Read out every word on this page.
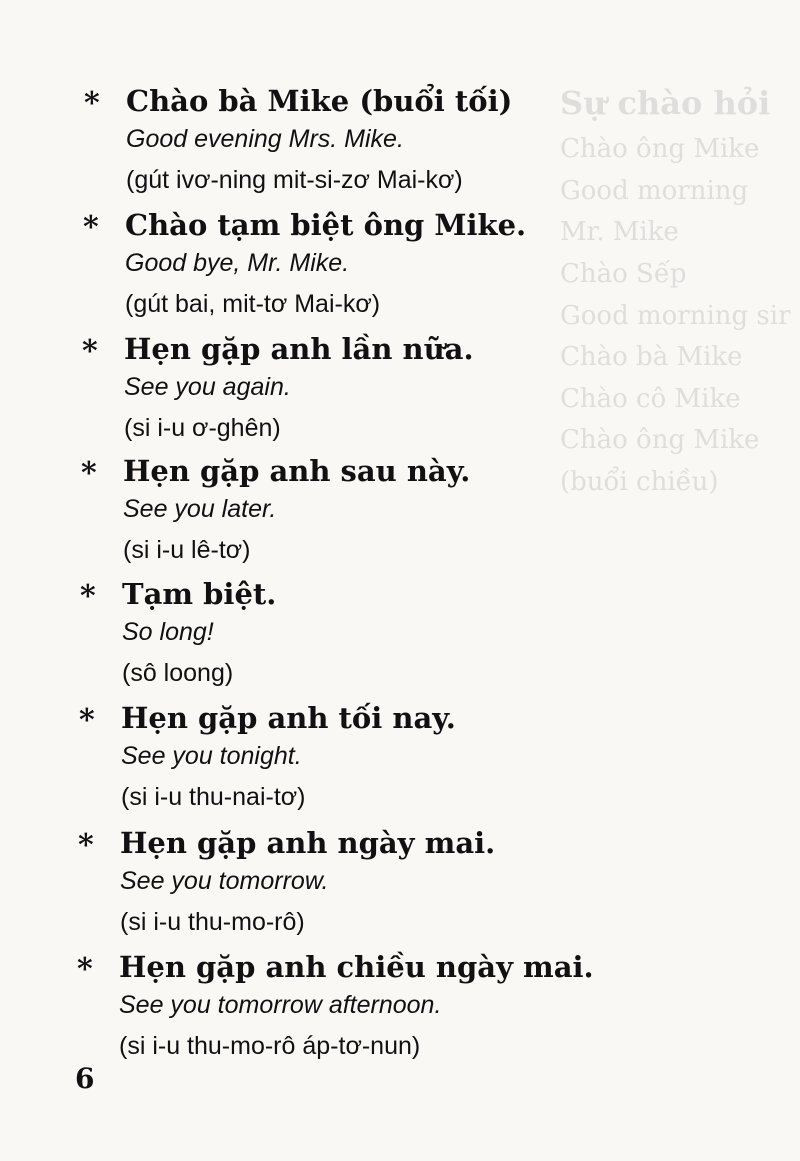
Sự chào hỏi
Chào ông Mike
Good morning Mr. Mike
Chào Sếp
Good morning sir
Chào bà Mike
Chào cô Mike
Chào ông Mike (buổi chiều)
* Chào bà Mike (buổi tối)
Good evening Mrs. Mike.
(gút ivơ-ning mit-si-zơ Mai-kơ)
* Chào tạm biệt ông Mike.
Good bye, Mr. Mike.
(gút bai, mit-tơ Mai-kơ)
* Hẹn gặp anh lần nữa.
See you again.
(si i-u ơ-ghên)
* Hẹn gặp anh sau này.
See you later.
(si i-u lê-tơ)
* Tạm biệt.
So long!
(sô loong)
* Hẹn gặp anh tối nay.
See you tonight.
(si i-u thu-nai-tơ)
* Hẹn gặp anh ngày mai.
See you tomorrow.
(si i-u thu-mo-rô)
* Hẹn gặp anh chiều ngày mai.
See you tomorrow afternoon.
(si i-u thu-mo-rô áp-tơ-nun)
6
